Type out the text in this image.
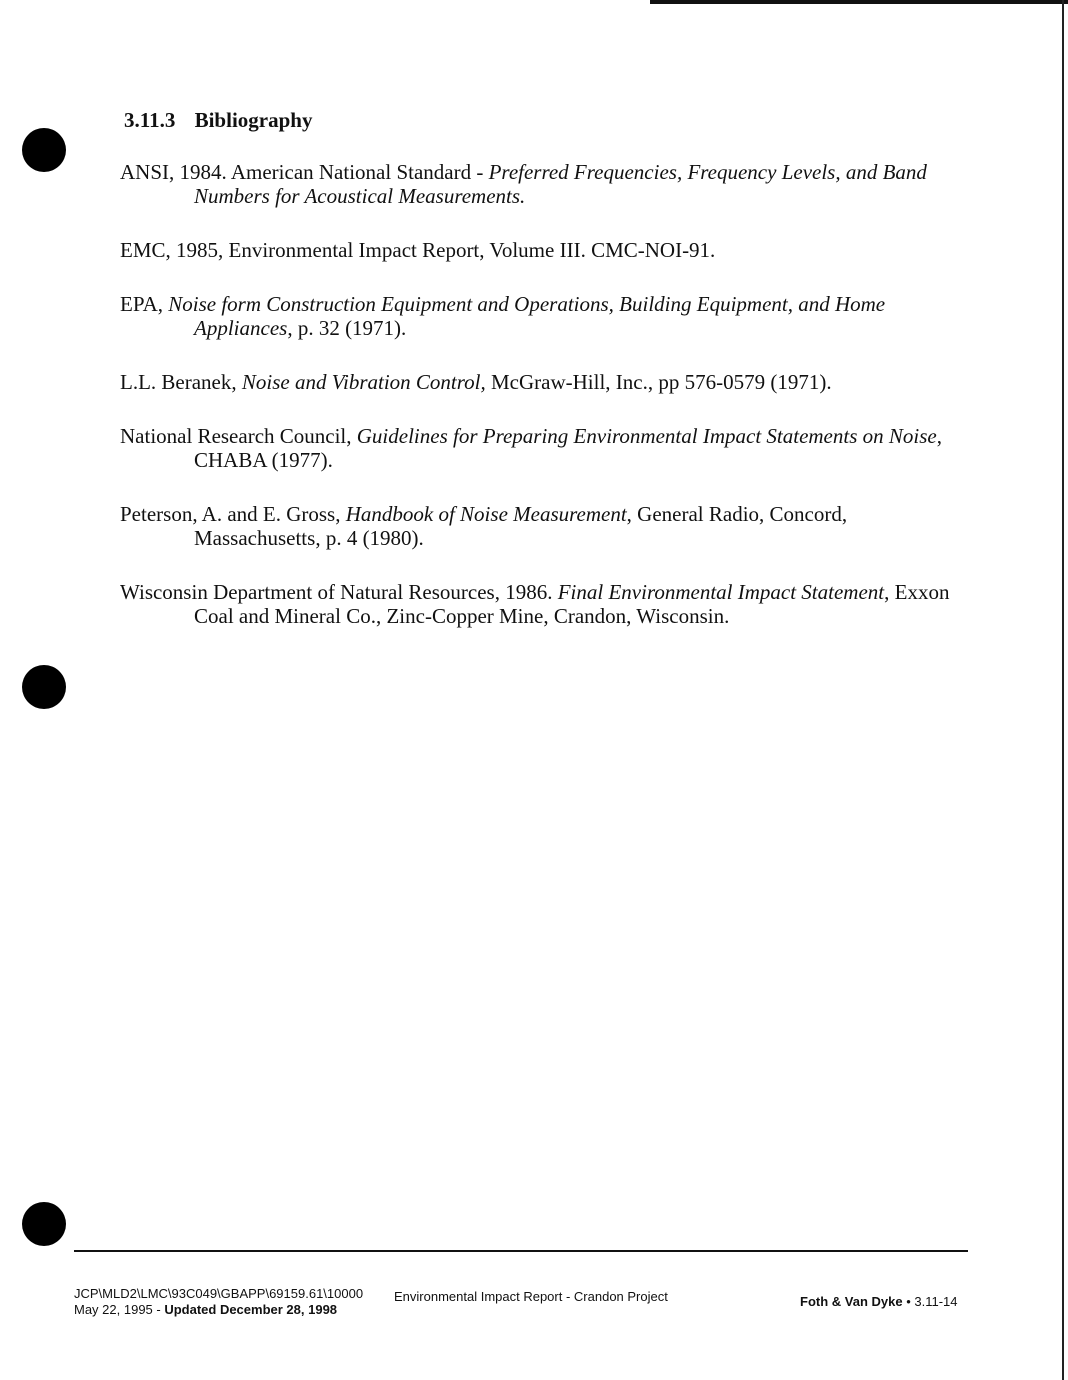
3.11.3 Bibliography
ANSI, 1984. American National Standard - Preferred Frequencies, Frequency Levels, and Band Numbers for Acoustical Measurements.
EMC, 1985, Environmental Impact Report, Volume III. CMC-NOI-91.
EPA, Noise form Construction Equipment and Operations, Building Equipment, and Home Appliances, p. 32 (1971).
L.L. Beranek, Noise and Vibration Control, McGraw-Hill, Inc., pp 576-0579 (1971).
National Research Council, Guidelines for Preparing Environmental Impact Statements on Noise, CHABA (1977).
Peterson, A. and E. Gross, Handbook of Noise Measurement, General Radio, Concord, Massachusetts, p. 4 (1980).
Wisconsin Department of Natural Resources, 1986. Final Environmental Impact Statement, Exxon Coal and Mineral Co., Zinc-Copper Mine, Crandon, Wisconsin.
JCP\MLD2\LMC\93C049\GBAPP\69159.61\10000
May 22, 1995 - Updated December 28, 1998
Environmental Impact Report - Crandon Project	Foth & Van Dyke • 3.11-14
